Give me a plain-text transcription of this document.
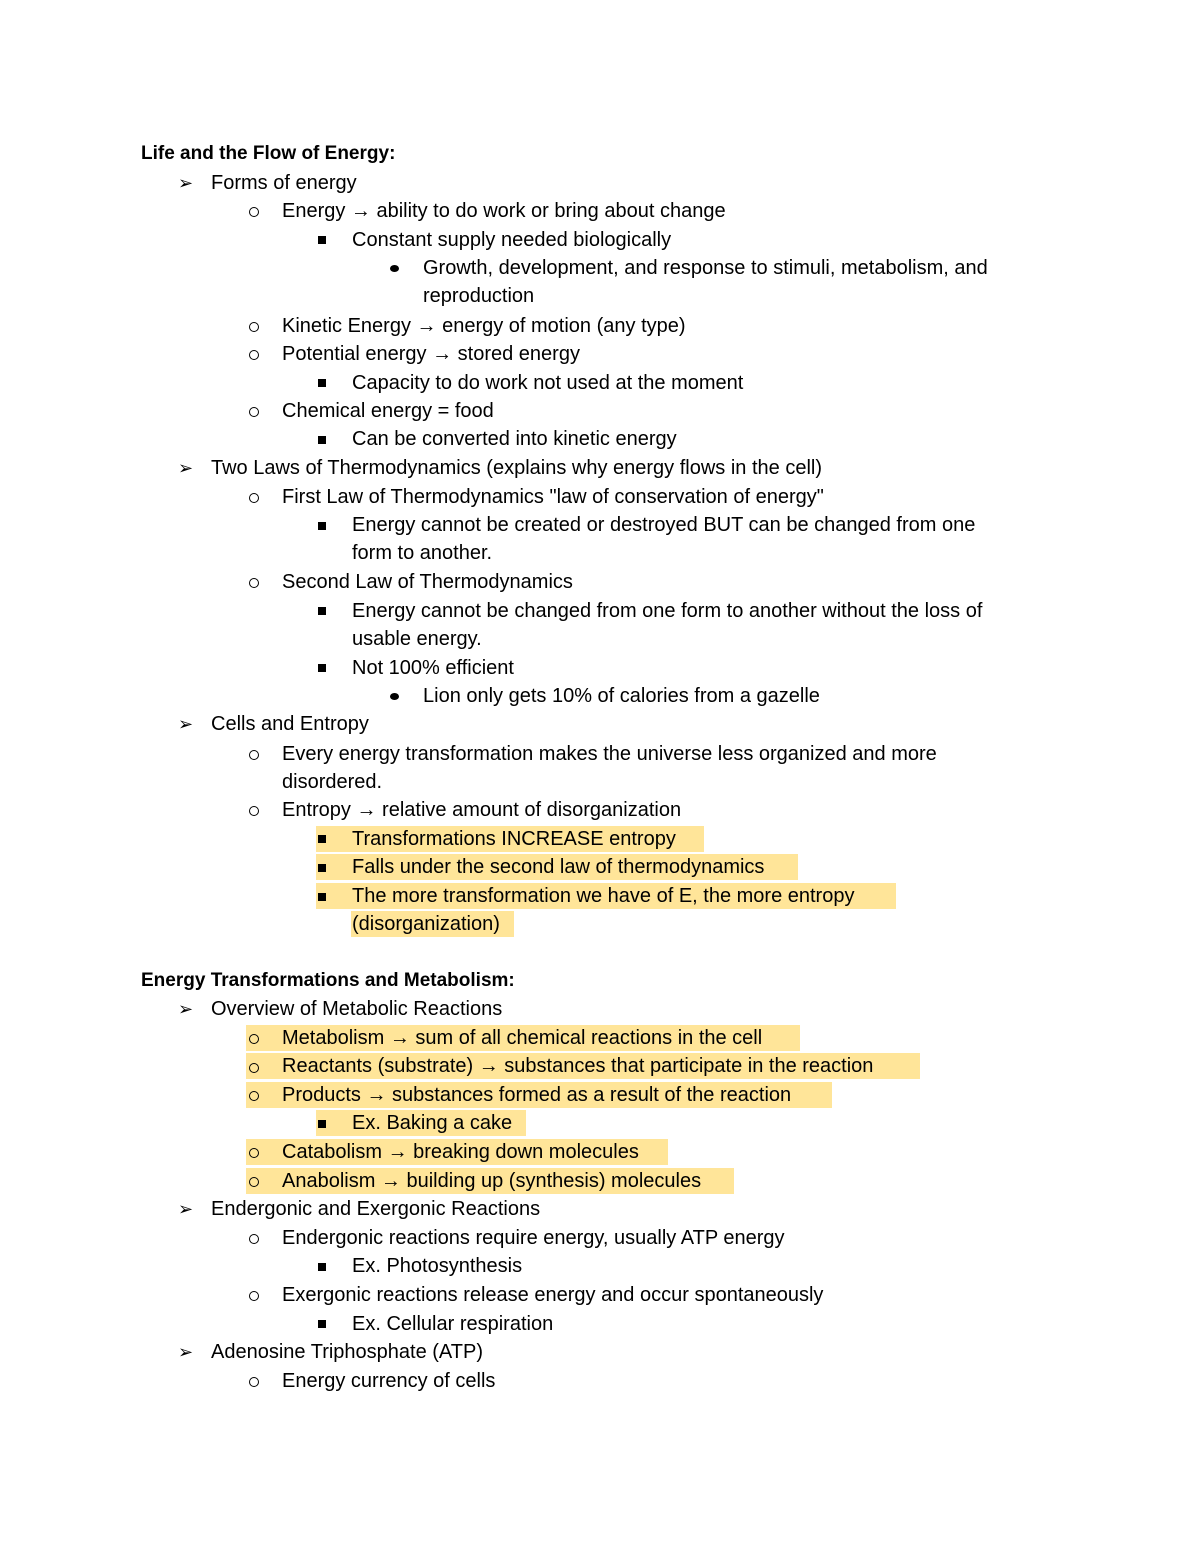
Life and the Flow of Energy:
➢
Forms of energy
Energy → ability to do work or bring about change
Constant supply needed biologically
Growth, development, and response to stimuli, metabolism, and
reproduction
Kinetic Energy → energy of motion (any type)
Potential energy → stored energy
Capacity to do work not used at the moment
Chemical energy = food
Can be converted into kinetic energy
➢
Two Laws of Thermodynamics (explains why energy flows in the cell)
First Law of Thermodynamics "law of conservation of energy"
Energy cannot be created or destroyed BUT can be changed from one
form to another.
Second Law of Thermodynamics
Energy cannot be changed from one form to another without the loss of
usable energy.
Not 100% efficient
Lion only gets 10% of calories from a gazelle
➢
Cells and Entropy
Every energy transformation makes the universe less organized and more
disordered.
Entropy → relative amount of disorganization
Transformations INCREASE entropy
Falls under the second law of thermodynamics
The more transformation we have of E, the more entropy
(disorganization)
Energy Transformations and Metabolism:
➢
Overview of Metabolic Reactions
Metabolism → sum of all chemical reactions in the cell
Reactants (substrate) → substances that participate in the reaction
Products → substances formed as a result of the reaction
Ex. Baking a cake
Catabolism → breaking down molecules
Anabolism → building up (synthesis) molecules
➢
Endergonic and Exergonic Reactions
Endergonic reactions require energy, usually ATP energy
Ex. Photosynthesis
Exergonic reactions release energy and occur spontaneously
Ex. Cellular respiration
➢
Adenosine Triphosphate (ATP)
Energy currency of cells
